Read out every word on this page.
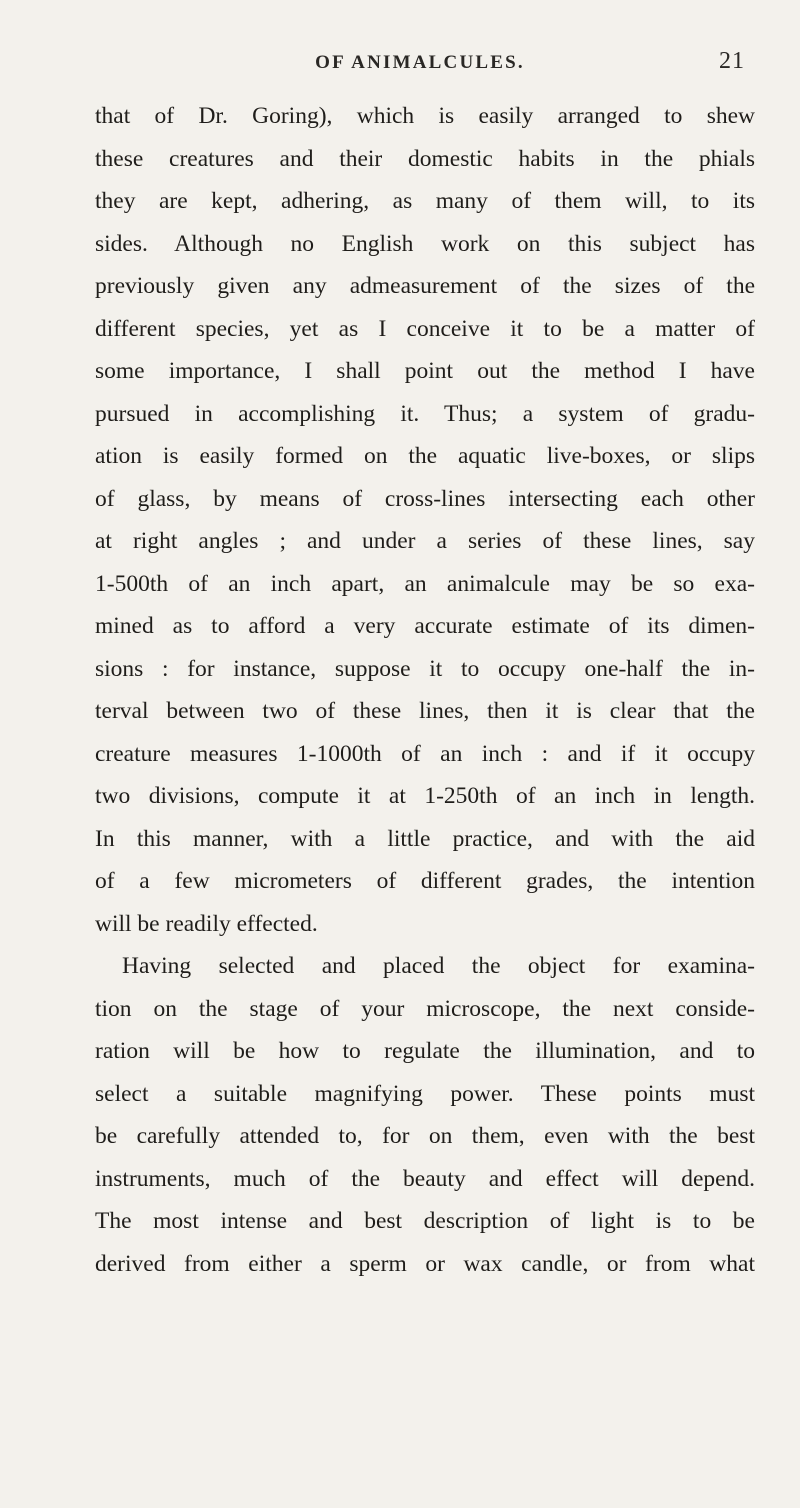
OF ANIMALCULES.	21
that of Dr. Goring), which is easily arranged to shew
these creatures and their domestic habits in the phials
they are kept, adhering, as many of them will, to its
sides. Although no English work on this subject has
previously given any admeasurement of the sizes of the
different species, yet as I conceive it to be a matter of
some importance, I shall point out the method I have
pursued in accomplishing it. Thus; a system of gradu-
ation is easily formed on the aquatic live-boxes, or slips
of glass, by means of cross-lines intersecting each other
at right angles ; and under a series of these lines, say
1-500th of an inch apart, an animalcule may be so exa-
mined as to afford a very accurate estimate of its dimen-
sions : for instance, suppose it to occupy one-half the in-
terval between two of these lines, then it is clear that the
creature measures 1-1000th of an inch : and if it occupy
two divisions, compute it at 1-250th of an inch in length.
In this manner, with a little practice, and with the aid
of a few micrometers of different grades, the intention
will be readily effected.
Having selected and placed the object for examina-
tion on the stage of your microscope, the next conside-
ration will be how to regulate the illumination, and to
select a suitable magnifying power. These points must
be carefully attended to, for on them, even with the best
instruments, much of the beauty and effect will depend.
The most intense and best description of light is to be
derived from either a sperm or wax candle, or from what
